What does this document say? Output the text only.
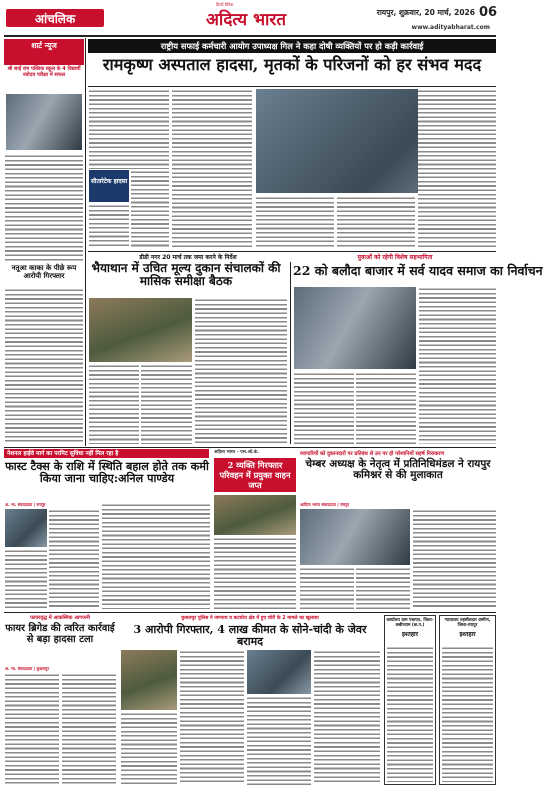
आंचलिक
हिन्दी दैनिक
अदित्य भारत	रायपुर, शुक्रवार, 20 मार्च, 2026 06
www.adityabharat.com
शार्ट न्यूज
श्री साईं राम पब्लिक स्कूल के 4 विद्यार्थी नवोदय परीक्षा में सफल
नतूआ काका के पीछे रूप आरोपी गिरफ्तार
राष्ट्रीय सफाई कर्मचारी आयोग उपाध्यक्ष गिल ने कहा दोषी व्यक्तियों पर हो कड़ी कार्रवाई
रामकृष्ण अस्पताल हादसा, मृतकों के परिजनों को हर संभव मदद
सीतारेटेक हादसा
डीडी नगर 20 मार्च तक जमा करने के निर्देश	युवाओं को रहेगी विशेष सहभागिता
भैयाथान में उचित मूल्य दुकान संचालकों की मासिक समीक्षा बैठक
22 को बलौदा बाजार में सर्व यादव समाज का निर्वाचन
नेशनल हाईवे मार्ग का परमिट सुविधा नहीं मिल रहा है
फास्ट टैक्स के राशि में स्थिति बहाल होते तक कमी किया जाना चाहिए:अनिल पाण्डेय
अ. भा. संवाददाता | रायपुर
अदित्य भारत - एस.ओ.कं.
2 व्यक्ति गिरफ्तार परिवहन में प्रयुक्त वाहन जप्त
व्यापारियों को दुकानदारों पर प्रतिबंध से उन पर हो परेशानियों सहर्ष निराकरण
चेम्बर अध्यक्ष के नेतृत्व में प्रतिनिधिमंडल ने रायपुर कमिश्नर से की मुलाकात
आदित्य भारत संवाददाता | रायपुर
फायरवृद्ध में आकस्मिक आगजनी
फायर ब्रिगेड की त्वरित कार्रवाई से बड़ा हादसा टला
अ. भा. संवाददाता | कुशलपुर
कुशलपुर पुलिस ने जगनाथ व कटघोरा क्षेत्र में हुए चोरी के 2 मामले का खुलासा
3 आरोपी गिरफ्तार, 4 लाख कीमत के सोने-चांदी के जेवर बरामद
कार्यालय ग्राम पंचायत, जिला-कबीरधाम (छ.ग.)
इश्तहार
न्यायालय तहसीलदार ग्रामीण, जिला-रायपुर
इश्तहार
